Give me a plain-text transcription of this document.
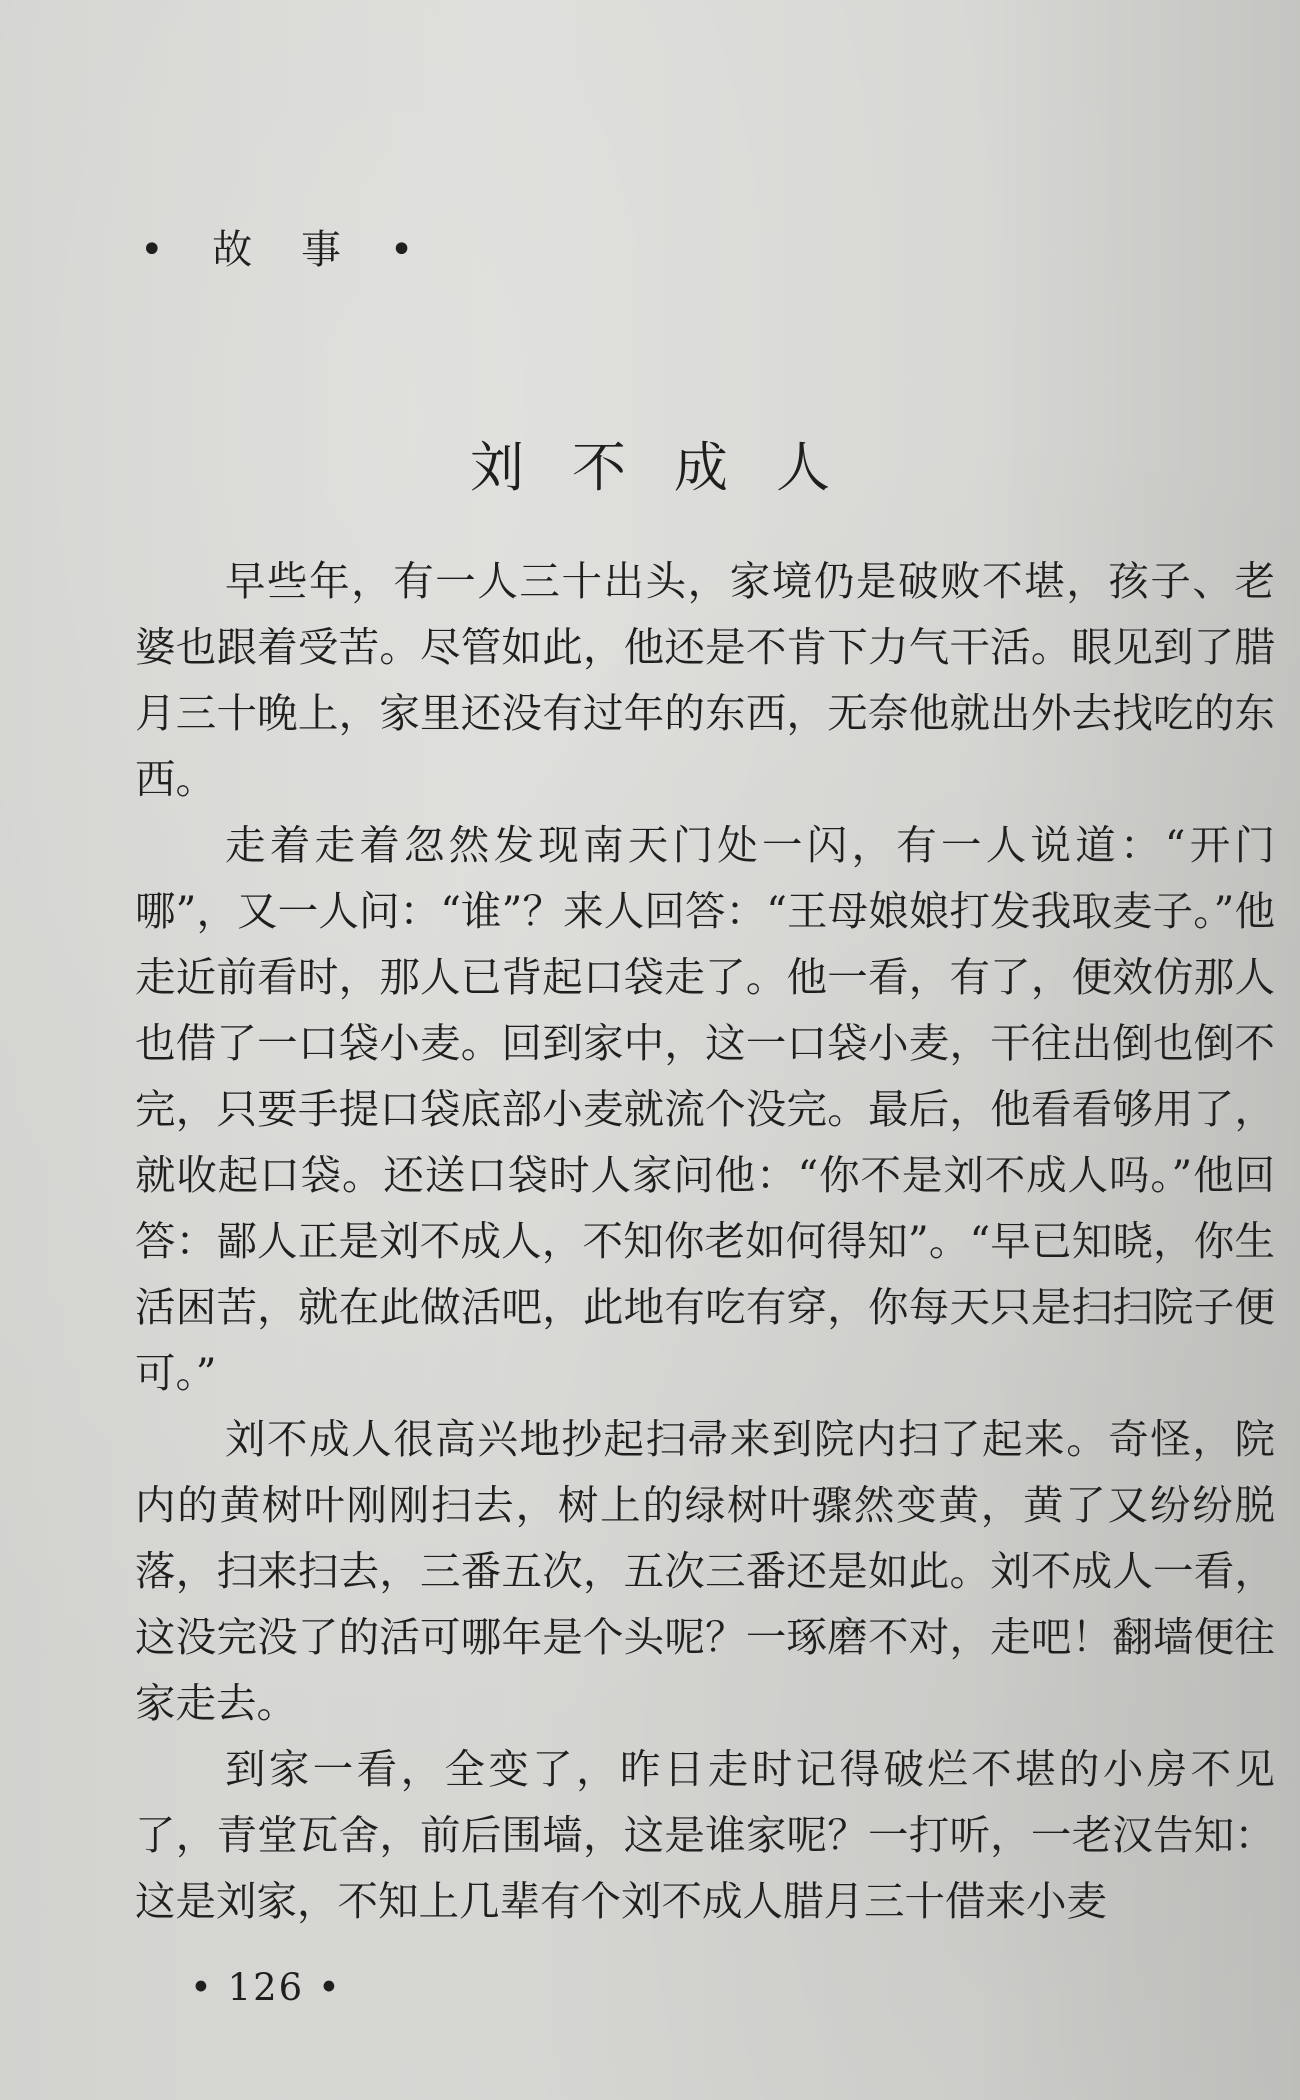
• 故 事 •
刘不成人

早些年，有一人三十出头，家境仍是破败不堪，孩子、老婆也跟着受苦。尽管如此，他还是不肯下力气干活。眼见到了腊月三十晚上，家里还没有过年的东西，无奈他就出外去找吃的东西。

走着走着忽然发现南天门处一闪，有一人说道：“开门哪”，又一人问：“谁”？来人回答：“王母娘娘打发我取麦子。”他走近前看时，那人已背起口袋走了。他一看，有了，便效仿那人也借了一口袋小麦。回到家中，这一口袋小麦，干往出倒也倒不完，只要手提口袋底部小麦就流个没完。最后，他看看够用了，就收起口袋。还送口袋时人家问他：“你不是刘不成人吗。”他回答：鄙人正是刘不成人，不知你老如何得知”。“早已知晓，你生活困苦，就在此做活吧，此地有吃有穿，你每天只是扫扫院子便可。”

刘不成人很高兴地抄起扫帚来到院内扫了起来。奇怪，院内的黄树叶刚刚扫去，树上的绿树叶骤然变黄，黄了又纷纷脱落，扫来扫去，三番五次，五次三番还是如此。刘不成人一看，这没完没了的活可哪年是个头呢？一琢磨不对，走吧！翻墙便往家走去。

到家一看，全变了，昨日走时记得破烂不堪的小房不见了，青堂瓦舍，前后围墙，这是谁家呢？一打听，一老汉告知：这是刘家，不知上几辈有个刘不成人腊月三十借来小麦

• 126 •
